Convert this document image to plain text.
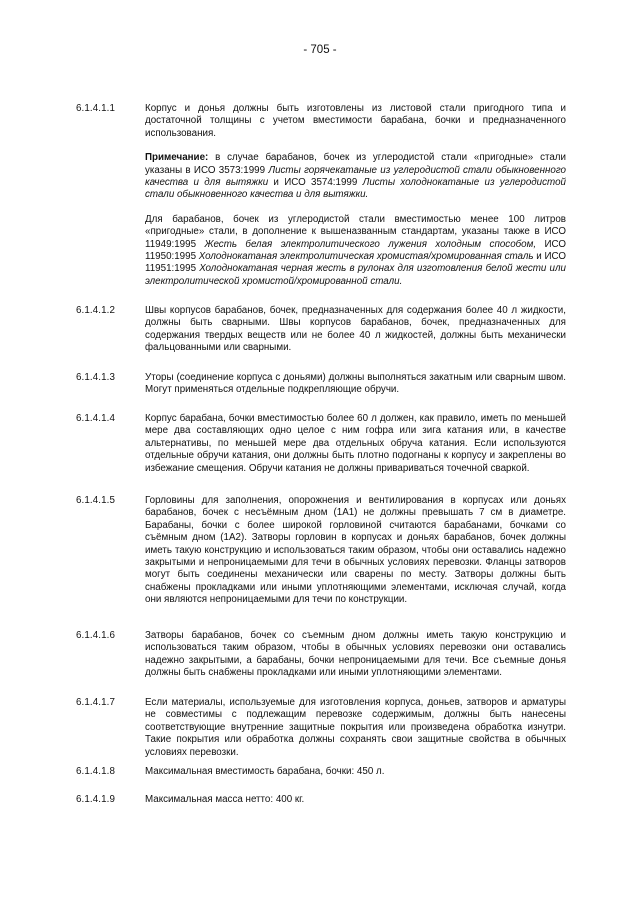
- 705 -
6.1.4.1.1	Корпус и донья должны быть изготовлены из листовой стали пригодного типа и достаточной толщины с учетом вместимости барабана, бочки и предназначенного использования.

Примечание: в случае барабанов, бочек из углеродистой стали «пригодные» стали указаны в ИСО 3573:1999 Листы горячекатаные из углеродистой стали обыкновенного качества и для вытяжки и ИСО 3574:1999 Листы холоднокатаные из углеродистой стали обыкновенного качества и для вытяжки.

Для барабанов, бочек из углеродистой стали вместимостью менее 100 литров «пригодные» стали, в дополнение к вышеназванным стандартам, указаны также в ИСО 11949:1995 Жесть белая электролитического лужения холодным способом, ИСО 11950:1995 Холоднокатаная электролитическая хромистая/хромированная сталь и ИСО 11951:1995 Холоднокатаная черная жесть в рулонах для изготовления белой жести или электролитической хромистой/хромированной стали.

6.1.4.1.2	Швы корпусов барабанов, бочек, предназначенных для содержания более 40 л жидкости, должны быть сварными. Швы корпусов барабанов, бочек, предназначенных для содержания твердых веществ или не более 40 л жидкостей, должны быть механически фальцованными или сварными.
6.1.4.1.3	Уторы (соединение корпуса с доньями) должны выполняться закатным или сварным швом. Могут применяться отдельные подкрепляющие обручи.
6.1.4.1.4	Корпус барабана, бочки вместимостью более 60 л должен, как правило, иметь по меньшей мере два составляющих одно целое с ним гофра или зига катания или, в качестве альтернативы, по меньшей мере два отдельных обруча катания. Если используются отдельные обручи катания, они должны быть плотно подогнаны к корпусу и закреплены во избежание смещения. Обручи катания не должны привариваться точечной сваркой.
6.1.4.1.5	Горловины для заполнения, опорожнения и вентилирования в корпусах или доньях барабанов, бочек с несъёмным дном (1А1) не должны превышать 7 см в диаметре. Барабаны, бочки с более широкой горловиной считаются барабанами, бочками со съёмным дном (1А2). Затворы горловин в корпусах и доньях барабанов, бочек должны иметь такую конструкцию и использоваться таким образом, чтобы они оставались надежно закрытыми и непроницаемыми для течи в обычных условиях перевозки. Фланцы затворов могут быть соединены механически или сварены по месту. Затворы должны быть снабжены прокладками или иными уплотняющими элементами, исключая случай, когда они являются непроницаемыми для течи по конструкции.
6.1.4.1.6	Затворы барабанов, бочек со съемным дном должны иметь такую конструкцию и использоваться таким образом, чтобы в обычных условиях перевозки они оставались надежно закрытыми, а барабаны, бочки непроницаемыми для течи. Все съемные донья должны быть снабжены прокладками или иными уплотняющими элементами.
6.1.4.1.7	Если материалы, используемые для изготовления корпуса, доньев, затворов и арматуры не совместимы с подлежащим перевозке содержимым, должны быть нанесены соответствующие внутренние защитные покрытия или произведена обработка изнутри. Такие покрытия или обработка должны сохранять свои защитные свойства в обычных условиях перевозки.
6.1.4.1.8	Максимальная вместимость барабана, бочки: 450 л.
6.1.4.1.9	Максимальная масса нетто: 400 кг.
